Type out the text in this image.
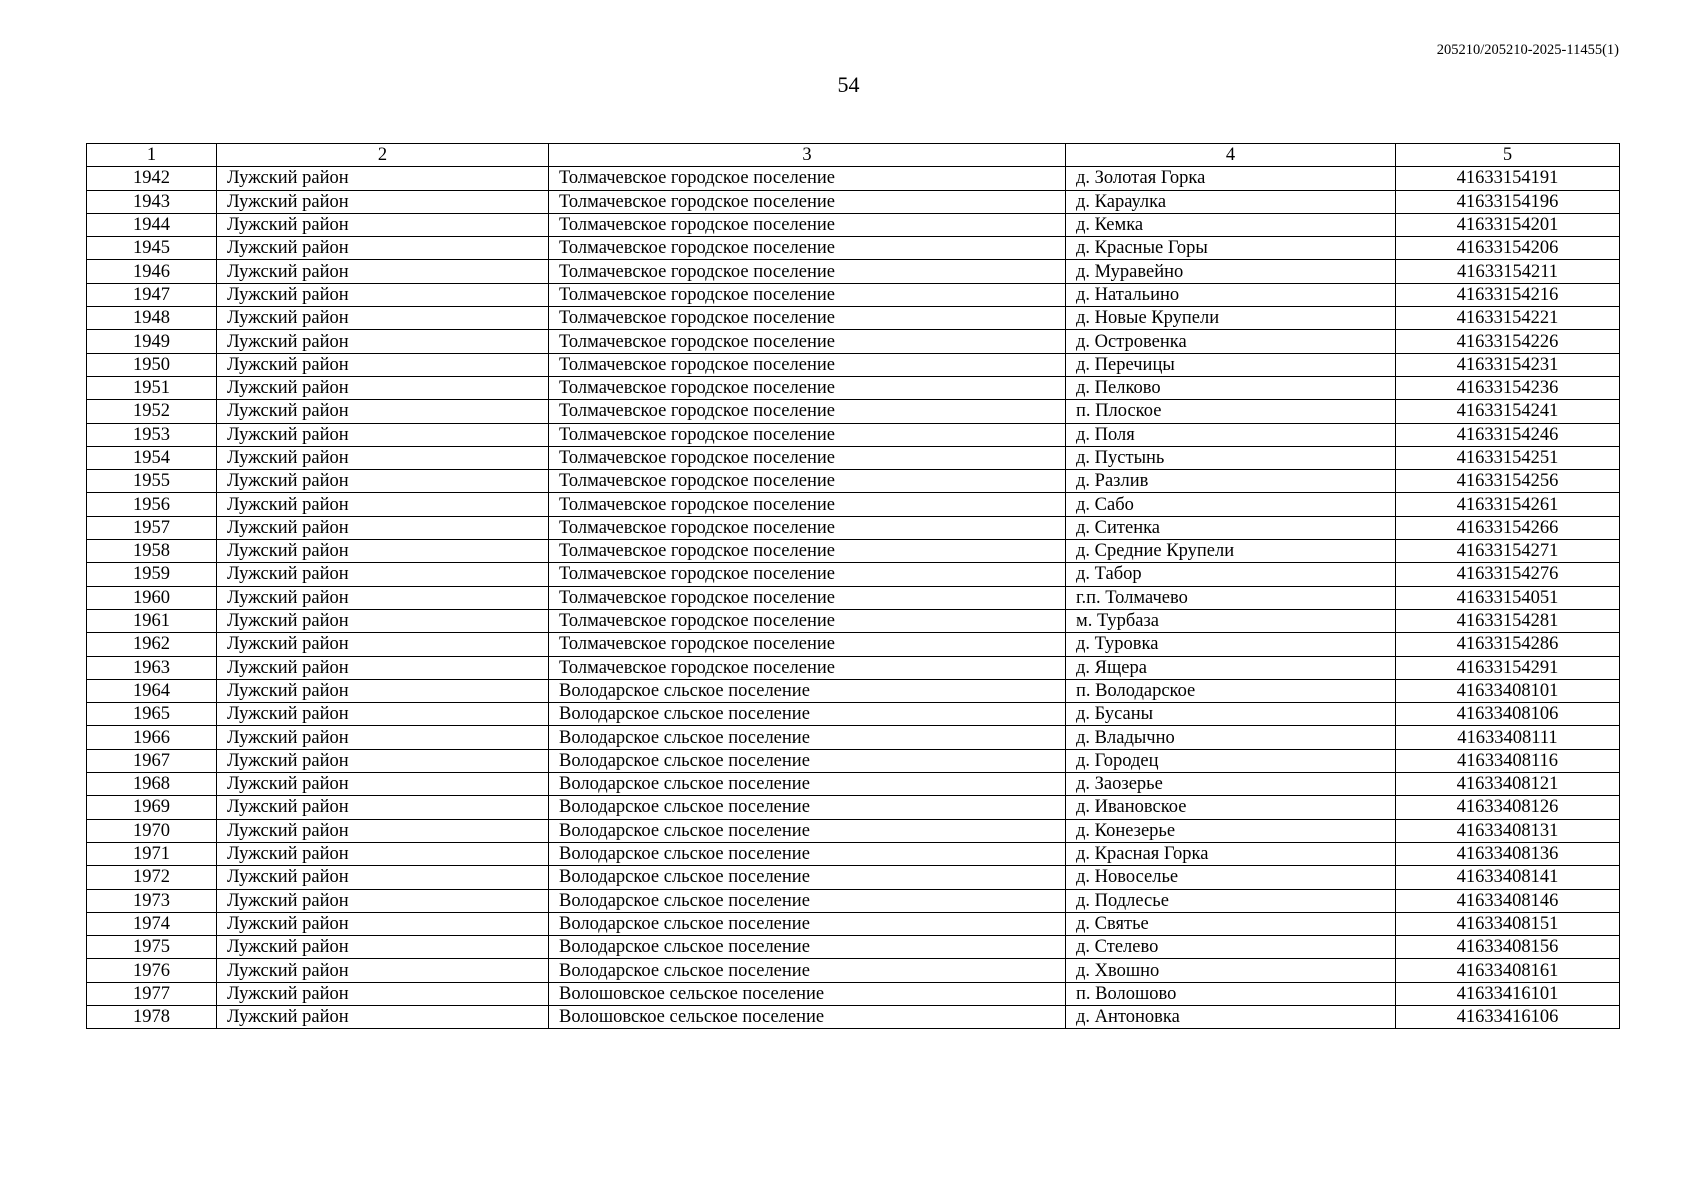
205210/205210-2025-11455(1)
54
1	2	3	4	5
1942	Лужский район	Толмачевское городское поселение	д. Золотая Горка	41633154191
1943	Лужский район	Толмачевское городское поселение	д. Караулка	41633154196
1944	Лужский район	Толмачевское городское поселение	д. Кемка	41633154201
1945	Лужский район	Толмачевское городское поселение	д. Красные Горы	41633154206
1946	Лужский район	Толмачевское городское поселение	д. Муравейно	41633154211
1947	Лужский район	Толмачевское городское поселение	д. Натальино	41633154216
1948	Лужский район	Толмачевское городское поселение	д. Новые Крупели	41633154221
1949	Лужский район	Толмачевское городское поселение	д. Островенка	41633154226
1950	Лужский район	Толмачевское городское поселение	д. Перечицы	41633154231
1951	Лужский район	Толмачевское городское поселение	д. Пелково	41633154236
1952	Лужский район	Толмачевское городское поселение	п. Плоское	41633154241
1953	Лужский район	Толмачевское городское поселение	д. Поля	41633154246
1954	Лужский район	Толмачевское городское поселение	д. Пустынь	41633154251
1955	Лужский район	Толмачевское городское поселение	д. Разлив	41633154256
1956	Лужский район	Толмачевское городское поселение	д. Сабо	41633154261
1957	Лужский район	Толмачевское городское поселение	д. Ситенка	41633154266
1958	Лужский район	Толмачевское городское поселение	д. Средние Крупели	41633154271
1959	Лужский район	Толмачевское городское поселение	д. Табор	41633154276
1960	Лужский район	Толмачевское городское поселение	г.п. Толмачево	41633154051
1961	Лужский район	Толмачевское городское поселение	м. Турбаза	41633154281
1962	Лужский район	Толмачевское городское поселение	д. Туровка	41633154286
1963	Лужский район	Толмачевское городское поселение	д. Ящера	41633154291
1964	Лужский район	Володарское сльское поселение	п. Володарское	41633408101
1965	Лужский район	Володарское сльское поселение	д. Бусаны	41633408106
1966	Лужский район	Володарское сльское поселение	д. Владычно	41633408111
1967	Лужский район	Володарское сльское поселение	д. Городец	41633408116
1968	Лужский район	Володарское сльское поселение	д. Заозерье	41633408121
1969	Лужский район	Володарское сльское поселение	д. Ивановское	41633408126
1970	Лужский район	Володарское сльское поселение	д. Конезерье	41633408131
1971	Лужский район	Володарское сльское поселение	д. Красная Горка	41633408136
1972	Лужский район	Володарское сльское поселение	д. Новоселье	41633408141
1973	Лужский район	Володарское сльское поселение	д. Подлесье	41633408146
1974	Лужский район	Володарское сльское поселение	д. Святье	41633408151
1975	Лужский район	Володарское сльское поселение	д. Стелево	41633408156
1976	Лужский район	Володарское сльское поселение	д. Хвошно	41633408161
1977	Лужский район	Волошовское сельское поселение	п. Волошово	41633416101
1978	Лужский район	Волошовское сельское поселение	д. Антоновка	41633416106
